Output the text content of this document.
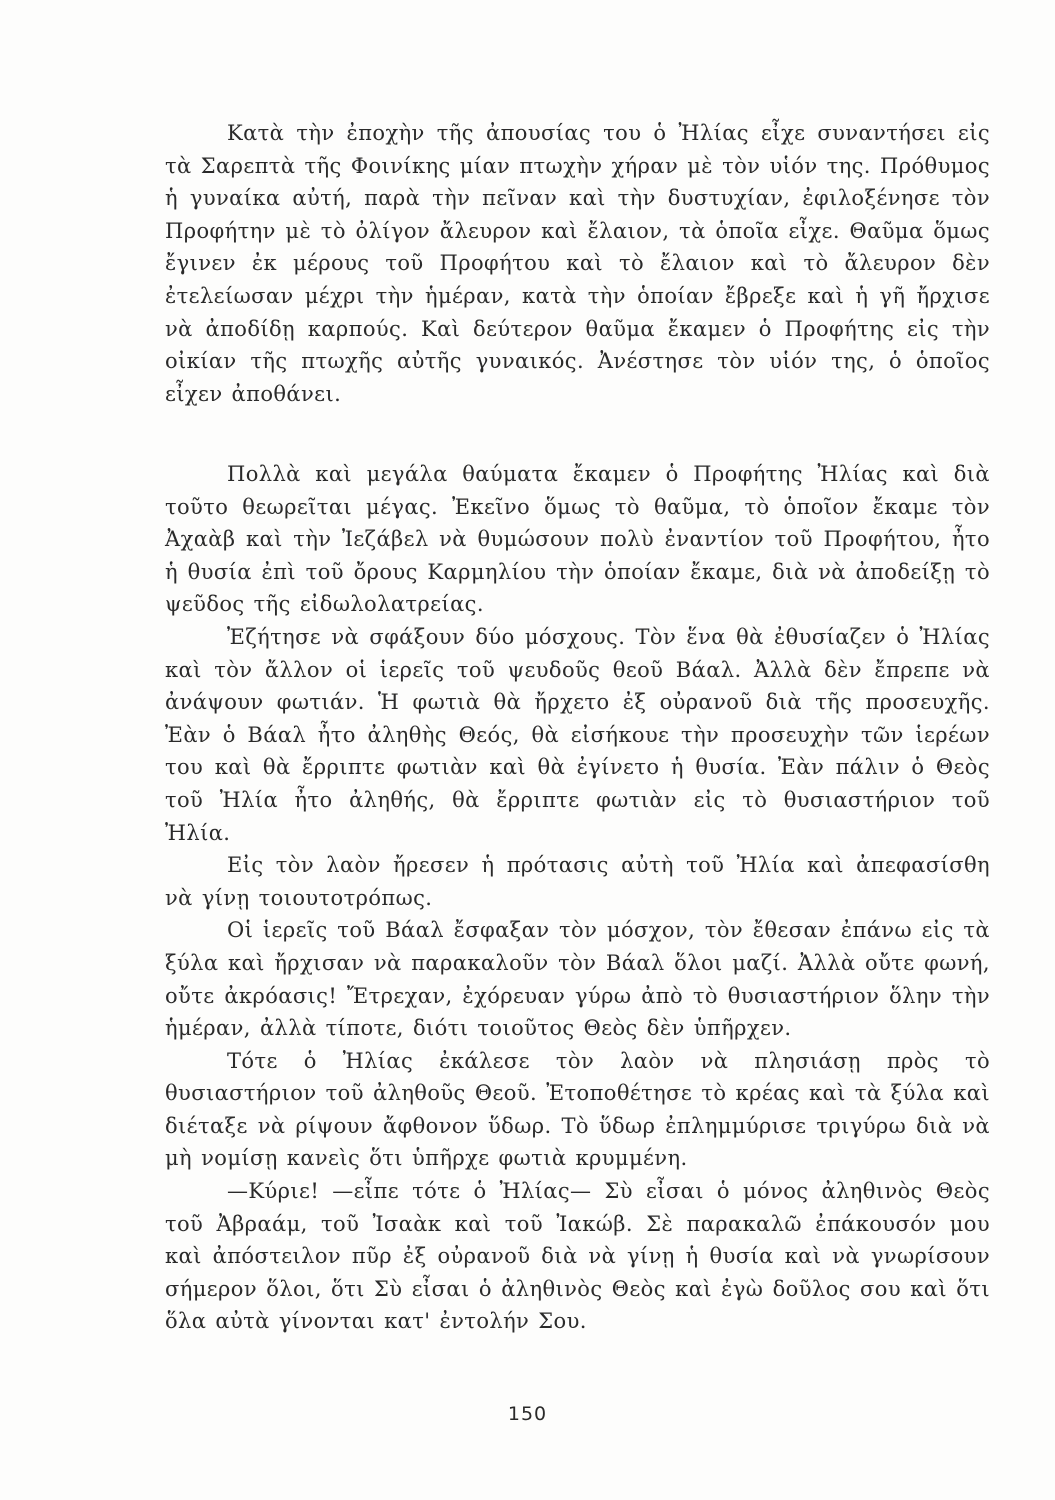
Κατὰ τὴν ἐποχὴν τῆς ἀπουσίας του ὁ Ἠλίας εἶχε συναντήσει εἰς τὰ Σαρεπτὰ τῆς Φοινίκης μίαν πτωχὴν χήραν μὲ τὸν υἱόν της. Πρόθυμος ἡ γυναίκα αὐτή, παρὰ τὴν πεῖναν καὶ τὴν δυστυχίαν, ἐφιλοξένησε τὸν Προφήτην μὲ τὸ ὀλίγον ἄλευρον καὶ ἔλαιον, τὰ ὁποῖα εἶχε. Θαῦμα ὅμως ἔγινεν ἐκ μέρους τοῦ Προφήτου καὶ τὸ ἔλαιον καὶ τὸ ἄλευρον δὲν ἐτελείωσαν μέχρι τὴν ἡμέραν, κατὰ τὴν ὁποίαν ἔβρεξε καὶ ἡ γῆ ἤρχισε νὰ ἀποδίδῃ καρπούς. Καὶ δεύτερον θαῦμα ἔκαμεν ὁ Προφήτης εἰς τὴν οἰκίαν τῆς πτωχῆς αὐτῆς γυναικός. Ἀνέστησε τὸν υἱόν της, ὁ ὁποῖος εἶχεν ἀποθάνει.

Πολλὰ καὶ μεγάλα θαύματα ἔκαμεν ὁ Προφήτης Ἠλίας καὶ διὰ τοῦτο θεωρεῖται μέγας. Ἐκεῖνο ὅμως τὸ θαῦμα, τὸ ὁποῖον ἔκαμε τὸν Ἀχαὰβ καὶ τὴν Ἰεζάβελ νὰ θυμώσουν πολὺ ἐναντίον τοῦ Προφήτου, ἦτο ἡ θυσία ἐπὶ τοῦ ὄρους Καρμηλίου τὴν ὁποίαν ἔκαμε, διὰ νὰ ἀποδείξῃ τὸ ψεῦδος τῆς εἰδωλολατρείας.

Ἐζήτησε νὰ σφάξουν δύο μόσχους. Τὸν ἕνα θὰ ἐθυσίαζεν ὁ Ἠλίας καὶ τὸν ἄλλον οἱ ἱερεῖς τοῦ ψευδοῦς θεοῦ Βάαλ. Ἀλλὰ δὲν ἔπρεπε νὰ ἀνάψουν φωτιάν. Ἡ φωτιὰ θὰ ἤρχετο ἐξ οὐρανοῦ διὰ τῆς προσευχῆς. Ἐὰν ὁ Βάαλ ἦτο ἀληθὴς Θεός, θὰ εἰσήκουε τὴν προσευχὴν τῶν ἱερέων του καὶ θὰ ἔρριπτε φωτιὰν καὶ θὰ ἐγίνετο ἡ θυσία. Ἐὰν πάλιν ὁ Θεὸς τοῦ Ἠλία ἦτο ἀληθής, θὰ ἔρριπτε φωτιὰν εἰς τὸ θυσιαστήριον τοῦ Ἠλία.

Εἰς τὸν λαὸν ἤρεσεν ἡ πρότασις αὐτὴ τοῦ Ἠλία καὶ ἀπεφασίσθη νὰ γίνῃ τοιουτοτρόπως.

Οἱ ἱερεῖς τοῦ Βάαλ ἔσφαξαν τὸν μόσχον, τὸν ἔθεσαν ἐπάνω εἰς τὰ ξύλα καὶ ἤρχισαν νὰ παρακαλοῦν τὸν Βάαλ ὅλοι μαζί. Ἀλλὰ οὔτε φωνή, οὔτε ἀκρόασις! Ἔτρεχαν, ἐχόρευαν γύρω ἀπὸ τὸ θυσιαστήριον ὅλην τὴν ἡμέραν, ἀλλὰ τίποτε, διότι τοιοῦτος Θεὸς δὲν ὑπῆρχεν.

Τότε ὁ Ἠλίας ἐκάλεσε τὸν λαὸν νὰ πλησιάσῃ πρὸς τὸ θυσιαστήριον τοῦ ἀληθοῦς Θεοῦ. Ἐτοποθέτησε τὸ κρέας καὶ τὰ ξύλα καὶ διέταξε νὰ ρίψουν ἄφθονον ὕδωρ. Τὸ ὕδωρ ἐπλημμύρισε τριγύρω διὰ νὰ μὴ νομίσῃ κανεὶς ὅτι ὑπῆρχε φωτιὰ κρυμμένη.

—Κύριε! —εἶπε τότε ὁ Ἠλίας— Σὺ εἶσαι ὁ μόνος ἀληθινὸς Θεὸς τοῦ Ἀβραάμ, τοῦ Ἰσαὰκ καὶ τοῦ Ἰακώβ. Σὲ παρακαλῶ ἐπάκουσόν μου καὶ ἀπόστειλον πῦρ ἐξ οὐρανοῦ διὰ νὰ γίνῃ ἡ θυσία καὶ νὰ γνωρίσουν σήμερον ὅλοι, ὅτι Σὺ εἶσαι ὁ ἀληθινὸς Θεὸς καὶ ἐγὼ δοῦλος σου καὶ ὅτι ὅλα αὐτὰ γίνονται κατ' ἐντολήν Σου.

150
